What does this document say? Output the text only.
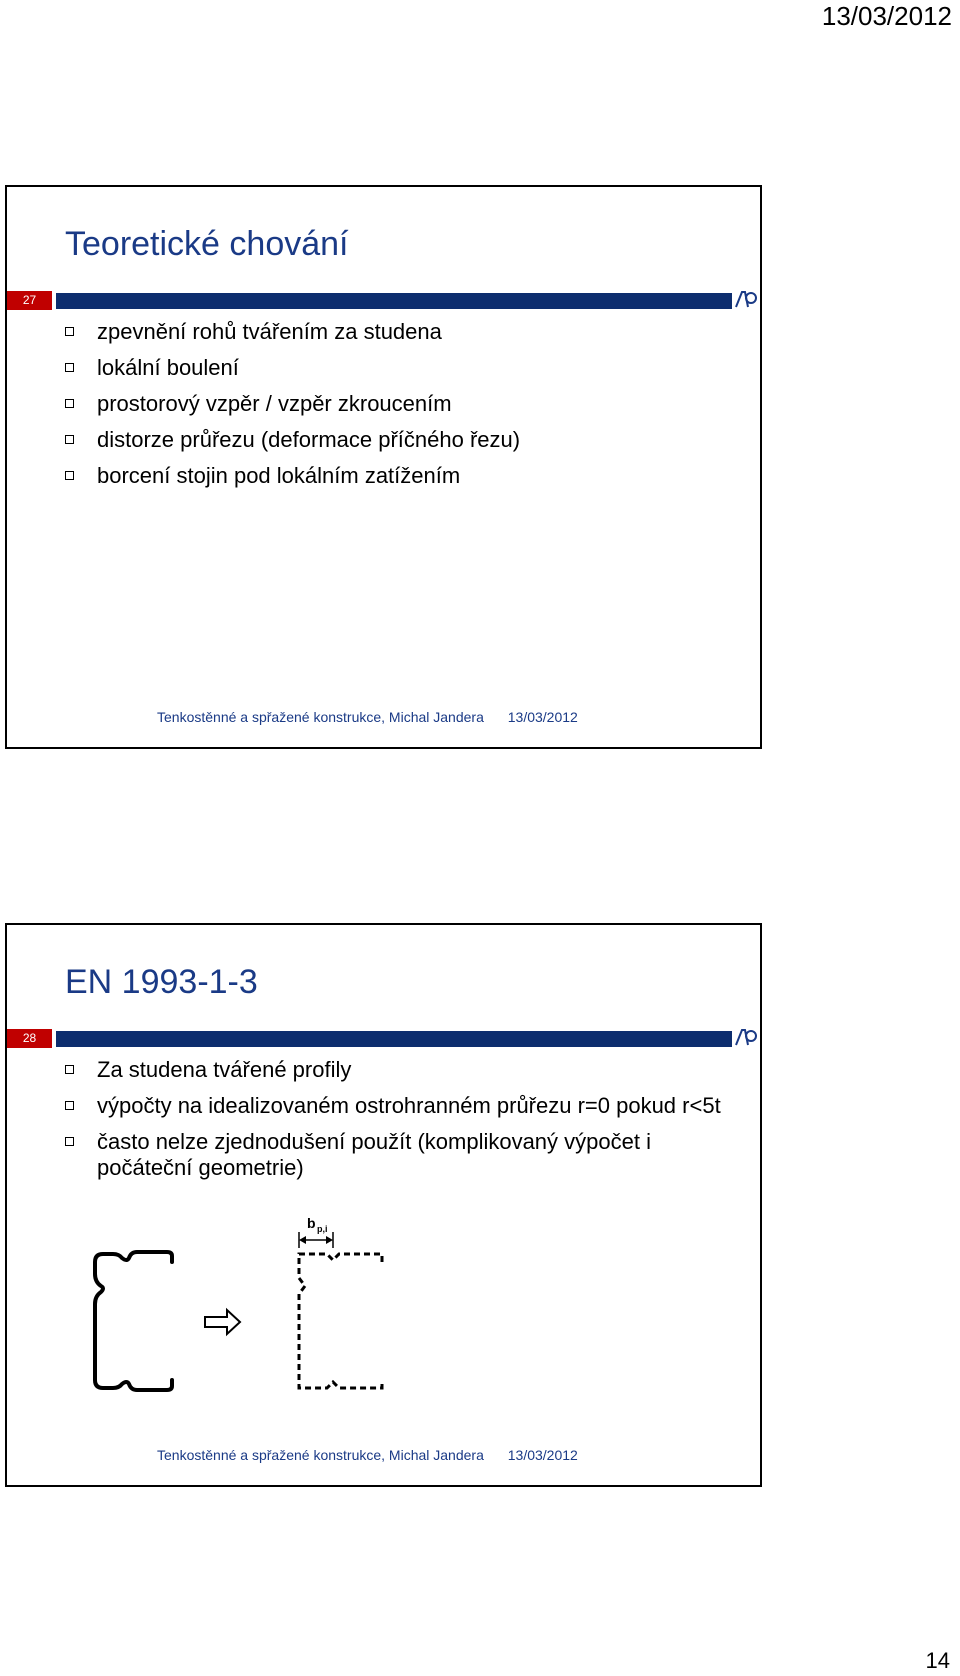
13/03/2012
Teoretické chování
27
zpevnění rohů tvářením za studena
lokální boulení
prostorový vzpěr / vzpěr zkroucením
distorze průřezu (deformace příčného řezu)
borcení stojin pod lokálním zatížením
Tenkostěnné a spřažené konstrukce, Michal Jandera 13/03/2012
EN 1993-1-3
28
Za studena tvářené profily
výpočty na idealizovaném ostrohranném průřezu r=0 pokud r<5t
často nelze zjednodušení použít (komplikovaný výpočet i počáteční geometrie)
b p,i
Tenkostěnné a spřažené konstrukce, Michal Jandera 13/03/2012
14
